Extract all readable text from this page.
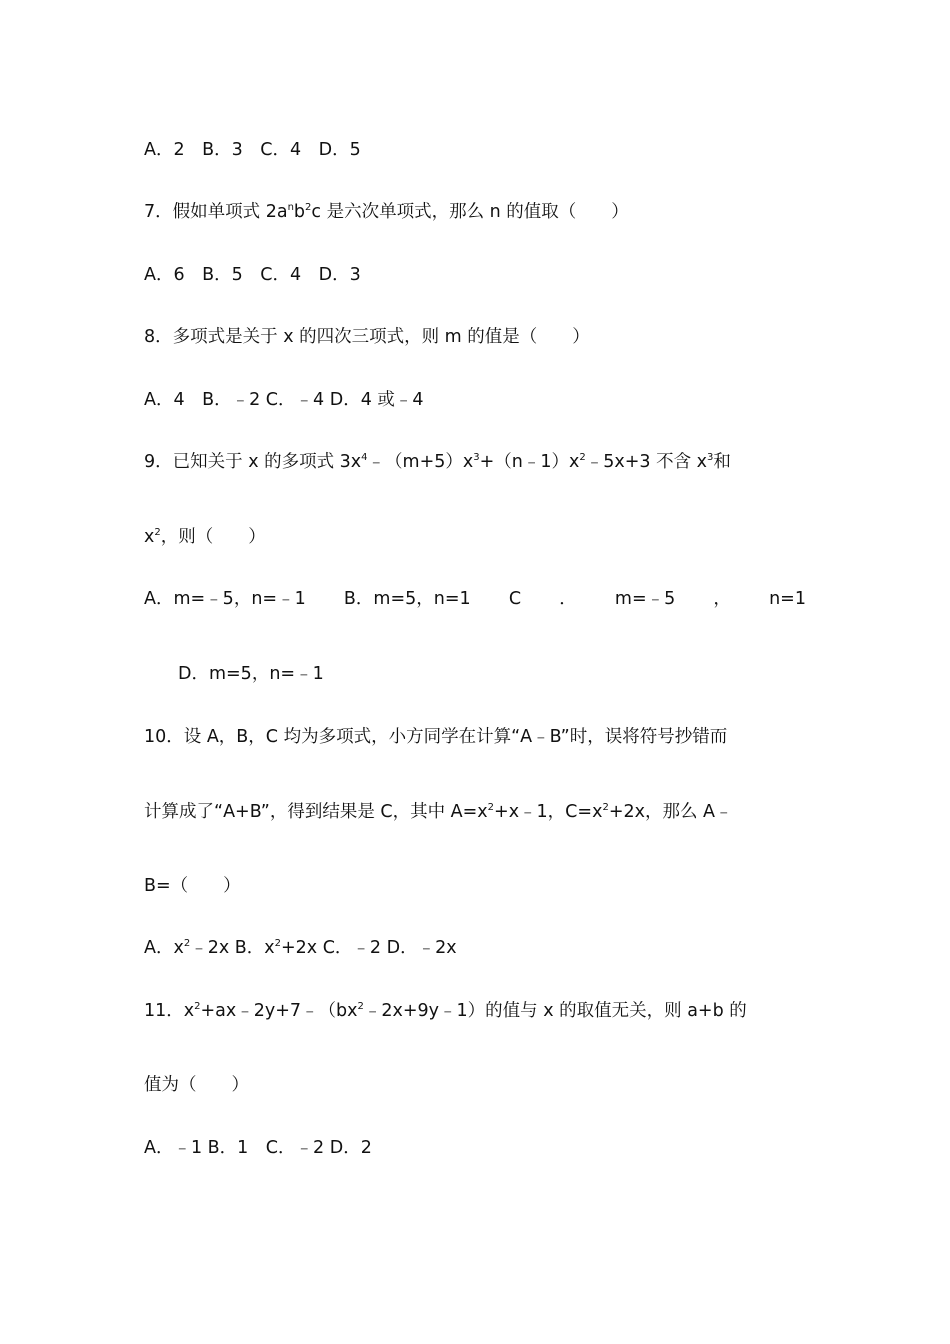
A．2　B．3　C．4　D．5
7．假如单项式 $2a^nb^2c$ 是六次单项式，那么 n 的值取（　　）
A．6　B．5　C．4　D．3
8．多项式是关于 x 的四次三项式，则 m 的值是（　　）
A．4　B．﹣2 C．﹣4 D．4 或﹣4
9．已知关于 x 的多项式 $3x^4﹣(m+5)x^3+(n﹣1)x^2﹣5x+3$ 不含 $x^3$和
$x^2$，则（　　）
A．m=﹣5，n=﹣1 B．m=5，n=1 C ． m=﹣5 ， n=1
D．m=5，n=﹣1
10．设 A，B，C 均为多项式，小方同学在计算“A﹣B”时，误将符号抄错而
计算成了“A+B”，得到结果是 C，其中 $A=x^2+x﹣1$，$C=x^2+2x$，那么 A﹣
B=（　　）
A．$x^2﹣2x$ B．$x^2+2x$ C．﹣2 D．﹣2x
11．$x^2+ax﹣2y+7﹣(bx^2﹣2x+9y﹣1)$的值与 x 的取值无关，则 a+b 的
值为（　　）
A．﹣1 B．1　C．﹣2 D．2
